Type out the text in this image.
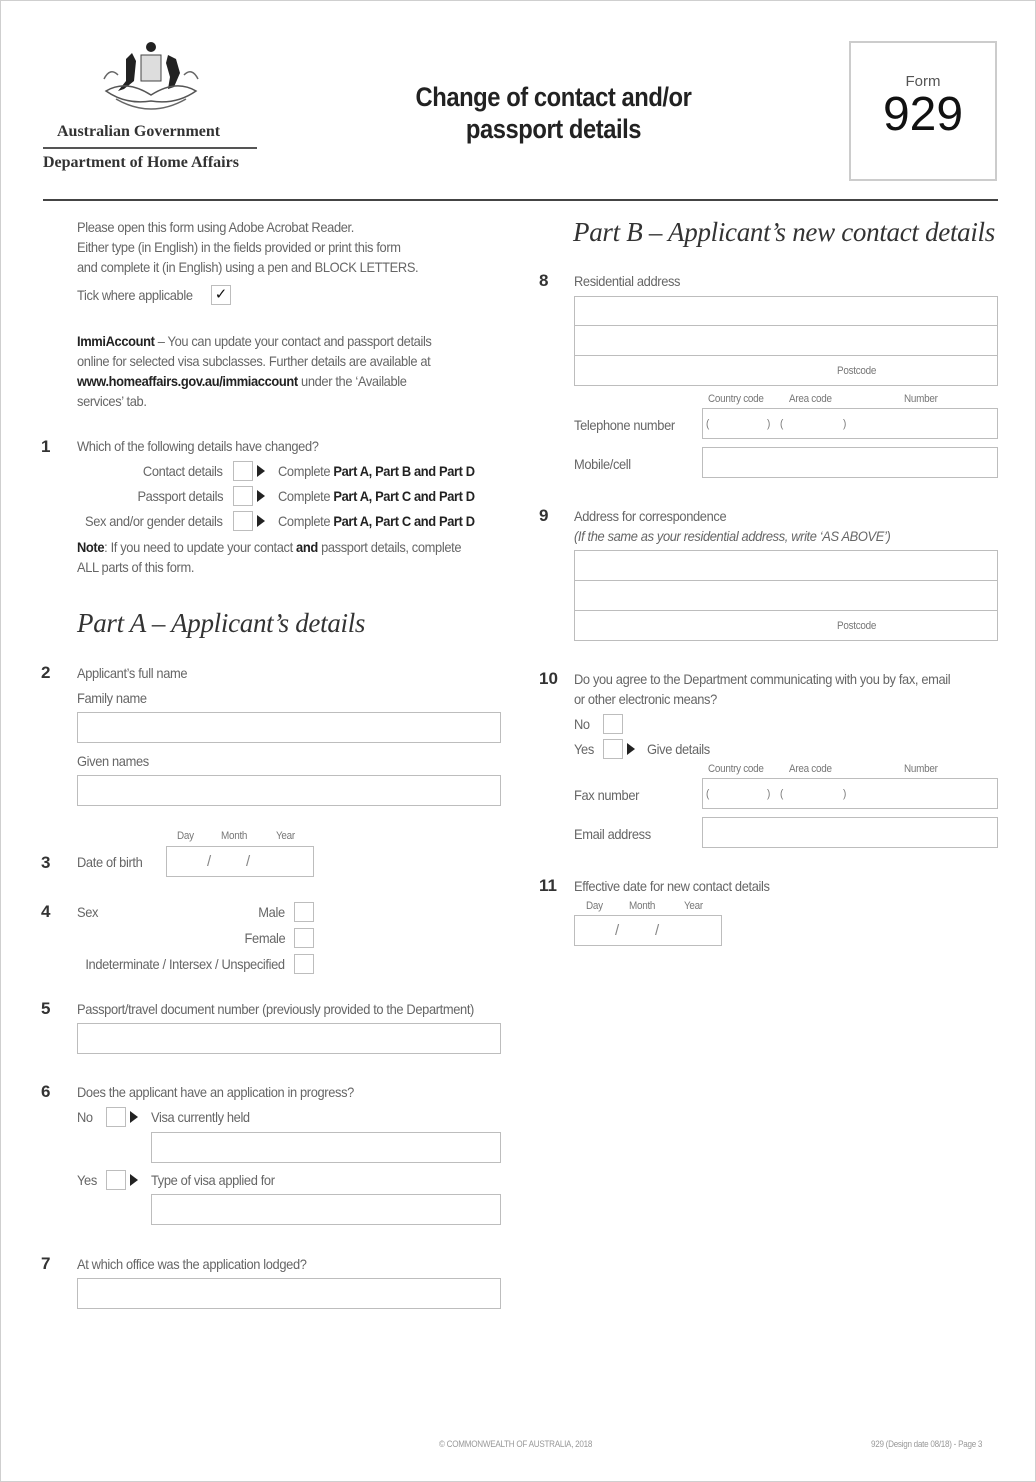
Australian Government
Department of Home Affairs
Change of contact and/or
passport details
Form
929
Please open this form using Adobe Acrobat Reader.
Either type (in English) in the fields provided or print this form
and complete it (in English) using a pen and BLOCK LETTERS.
Tick where applicable ✓
ImmiAccount – You can update your contact and passport details
online for selected visa subclasses. Further details are available at
www.homeaffairs.gov.au/immiaccount under the ‘Available
services’ tab.
1 Which of the following details have changed?
Contact details	Complete Part A, Part B and Part D
Passport details	Complete Part A, Part C and Part D
Sex and/or gender details	Complete Part A, Part C and Part D
Note: If you need to update your contact and passport details, complete
ALL parts of this form.
Part A – Applicant’s details
2 Applicant’s full name
Family name
Given names
Day Month	Year
3 Date of birth	/ /
4 Sex	Male
Female
Indeterminate / Intersex / Unspecified
5 Passport/travel document number (previously provided to the Department)
6 Does the applicant have an application in progress?
No	Visa currently held
Yes	Type of visa applied for
7 At which office was the application lodged?
Part B – Applicant’s new contact details
8 Residential address
Postcode
Country code Area code	Number
Telephone number	(	) (	)
Mobile/cell
9 Address for correspondence
(If the same as your residential address, write ‘AS ABOVE’)
Postcode
10 Do you agree to the Department communicating with you by fax, email
or other electronic means?
No
Yes	Give details
Country code Area code	Number
Fax number	(	) (	)
Email address
11 Effective date for new contact details
Day Month	Year
/ /
© COMMONWEALTH OF AUSTRALIA, 2018	929 (Design date 08/18) - Page 3
